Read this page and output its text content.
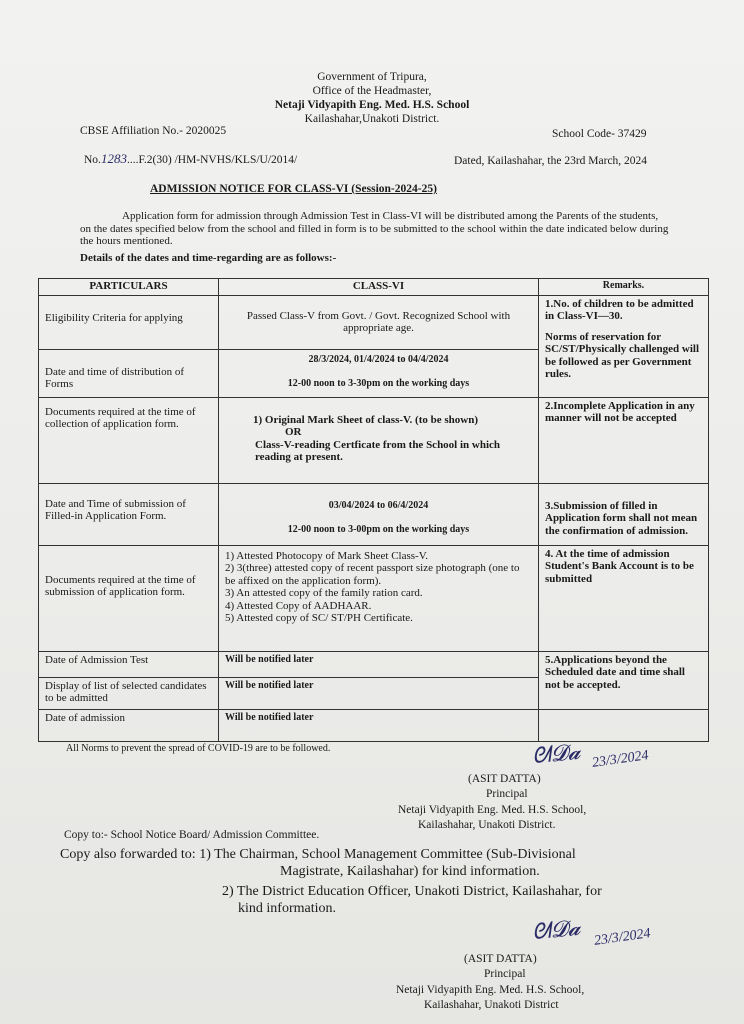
Government of Tripura,
Office of the Headmaster,
Netaji Vidyapith Eng. Med. H.S. School
Kailashahar,Unakoti District.
CBSE Affiliation No.- 2020025	School Code- 37429
No.1283....F.2(30) /HM-NVHS/KLS/U/2014/	Dated, Kailashahar, the 23rd March, 2024
ADMISSION NOTICE FOR CLASS-VI (Session-2024-25)
Application form for admission through Admission Test in Class-VI will be distributed among the Parents of the students, on the dates specified below from the school and filled in form is to be submitted to the school within the date indicated below during the hours mentioned.
Details of the dates and time-regarding are as follows:-
PARTICULARS	CLASS-VI	Remarks.

Eligibility Criteria for applying	Passed Class-V from Govt. / Govt. Recognized School with appropriate age.	1.No. of children to be admitted in Class-VI—30.
Norms of reservation for SC/ST/Physically challenged will be followed as per Government rules.

Date and time of distribution of Forms	28/3/2024, 01/4/2024 to 04/4/2024
12-00 noon to 3-30pm on the working days	

Documents required at the time of collection of application form.	1) Original Mark Sheet of class-V. (to be shown)
OR
Class-V-reading Certficate from the School in which reading at present.	2.Incomplete Application in any manner will not be accepted

Date and Time of submission of Filled-in Application Form.	03/04/2024 to 06/4/2024
12-00 noon to 3-00pm on the working days	3.Submission of filled in Application form shall not mean the confirmation of admission.

Documents required at the time of submission of application form.	1) Attested Photocopy of Mark Sheet Class-V.
2) 3(three) attested copy of recent passport size photograph (one to be affixed on the application form).
3) An attested copy of the family ration card.
4) Attested Copy of AADHAAR.
5) Attested copy of SC/ ST/PH Certificate.	4. At the time of admission Student's Bank Account is to be submitted

Date of Admission Test	Will be notified later	5.Applications beyond the Scheduled date and time shall not be accepted.

Display of list of selected candidates to be admitted	Will be notified later	
Date of admission	Will be notified later	
All Norms to prevent the spread of COVID-19 are to be followed.	ᘛ𝓓𝓪 23/3/2024
(ASIT DATTA)
Principal
Netaji Vidyapith Eng. Med. H.S. School,
Kailashahar, Unakoti District.
Copy to:- School Notice Board/ Admission Committee.
Copy also forwarded to: 1) The Chairman, School Management Committee (Sub-Divisional
Magistrate, Kailashahar) for kind information.
2) The District Education Officer, Unakoti District, Kailashahar, for
kind information.
ᘛ𝓓𝓪 23/3/2024
(ASIT DATTA)
Principal
Netaji Vidyapith Eng. Med. H.S. School,
Kailashahar, Unakoti District
